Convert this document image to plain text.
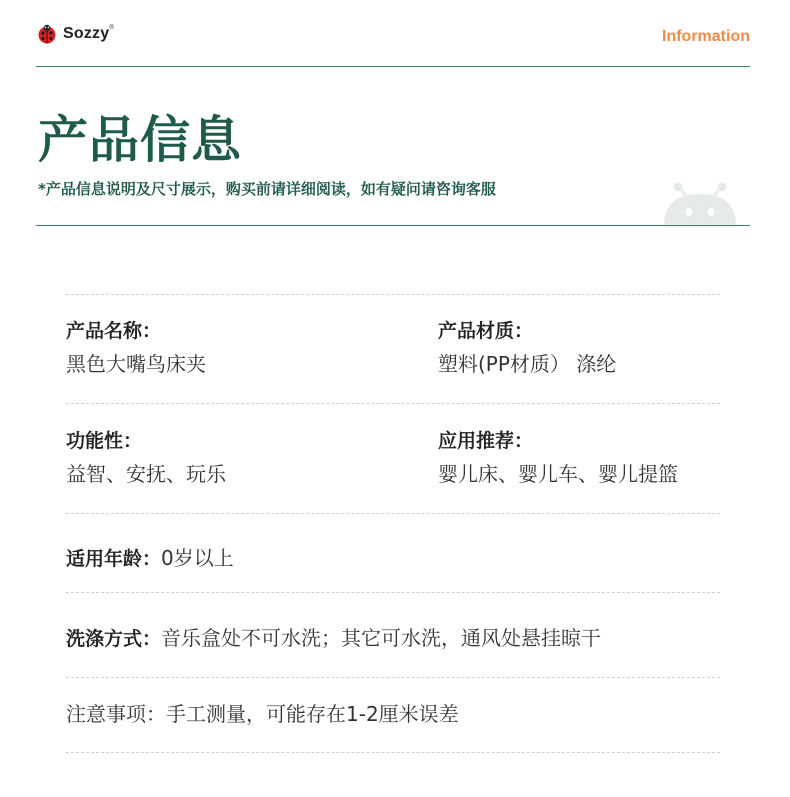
Sozzy®	Information
产品信息
*产品信息说明及尺寸展示，购买前请详细阅读，如有疑问请咨询客服
产品名称：
黑色大嘴鸟床夹
产品材质：
塑料(PP材质） 涤纶
功能性：
益智、安抚、玩乐
应用推荐：
婴儿床、婴儿车、婴儿提篮
适用年龄：0岁以上
洗涤方式：音乐盒处不可水洗；其它可水洗，通风处悬挂晾干
注意事项：手工测量，可能存在1-2厘米误差
